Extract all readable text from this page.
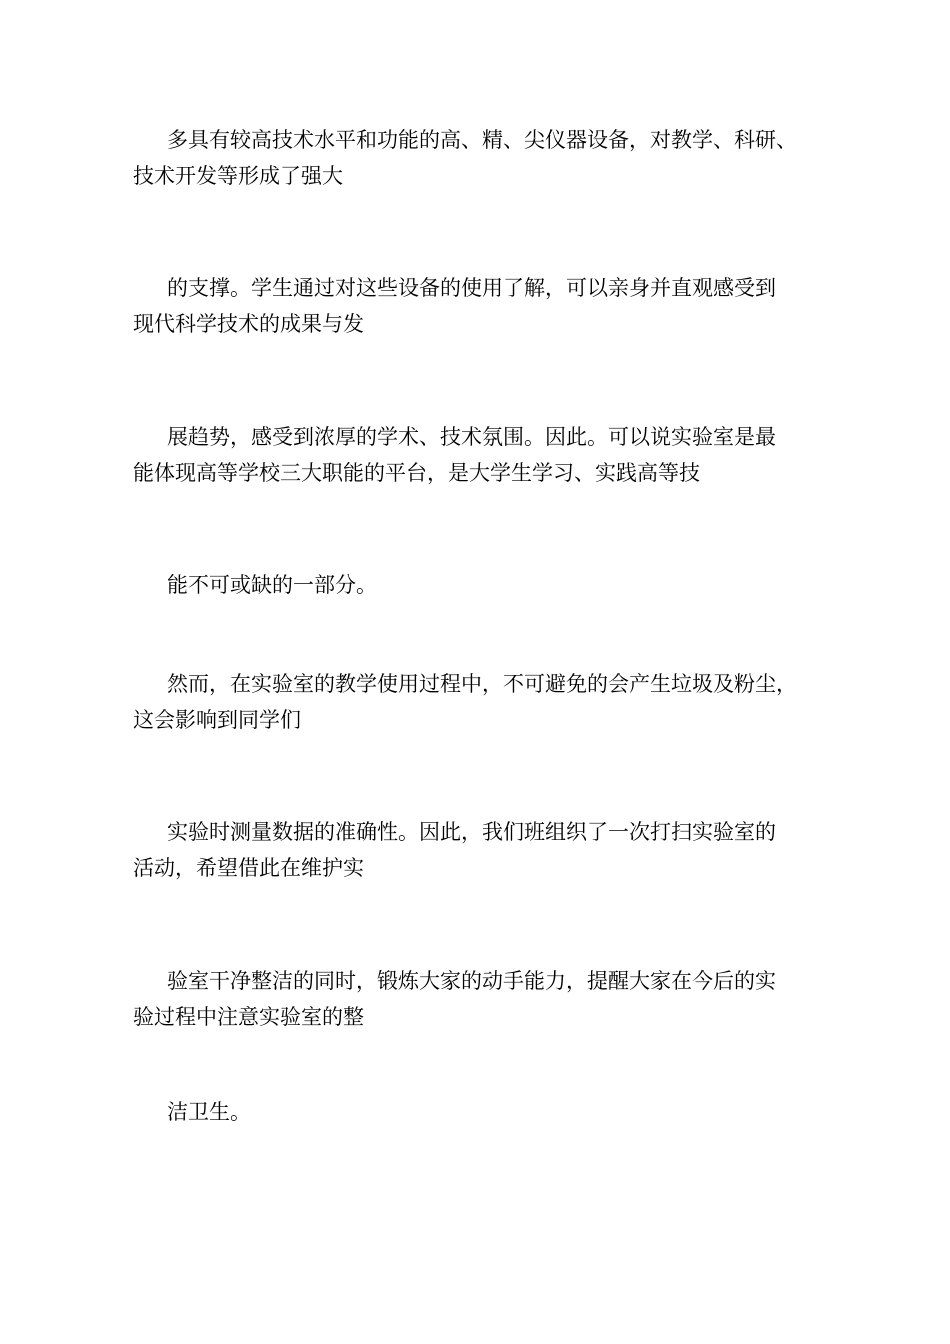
多具有较高技术水平和功能的高、精、尖仪器设备，对教学、科研、
技术开发等形成了强大

的支撑。学生通过对这些设备的使用了解，可以亲身并直观感受到
现代科学技术的成果与发

展趋势，感受到浓厚的学术、技术氛围。因此。可以说实验室是最
能体现高等学校三大职能的平台，是大学生学习、实践高等技

能不可或缺的一部分。

然而，在实验室的教学使用过程中，不可避免的会产生垃圾及粉尘，
这会影响到同学们

实验时测量数据的准确性。因此，我们班组织了一次打扫实验室的
活动，希望借此在维护实

验室干净整洁的同时，锻炼大家的动手能力，提醒大家在今后的实
验过程中注意实验室的整

洁卫生。
